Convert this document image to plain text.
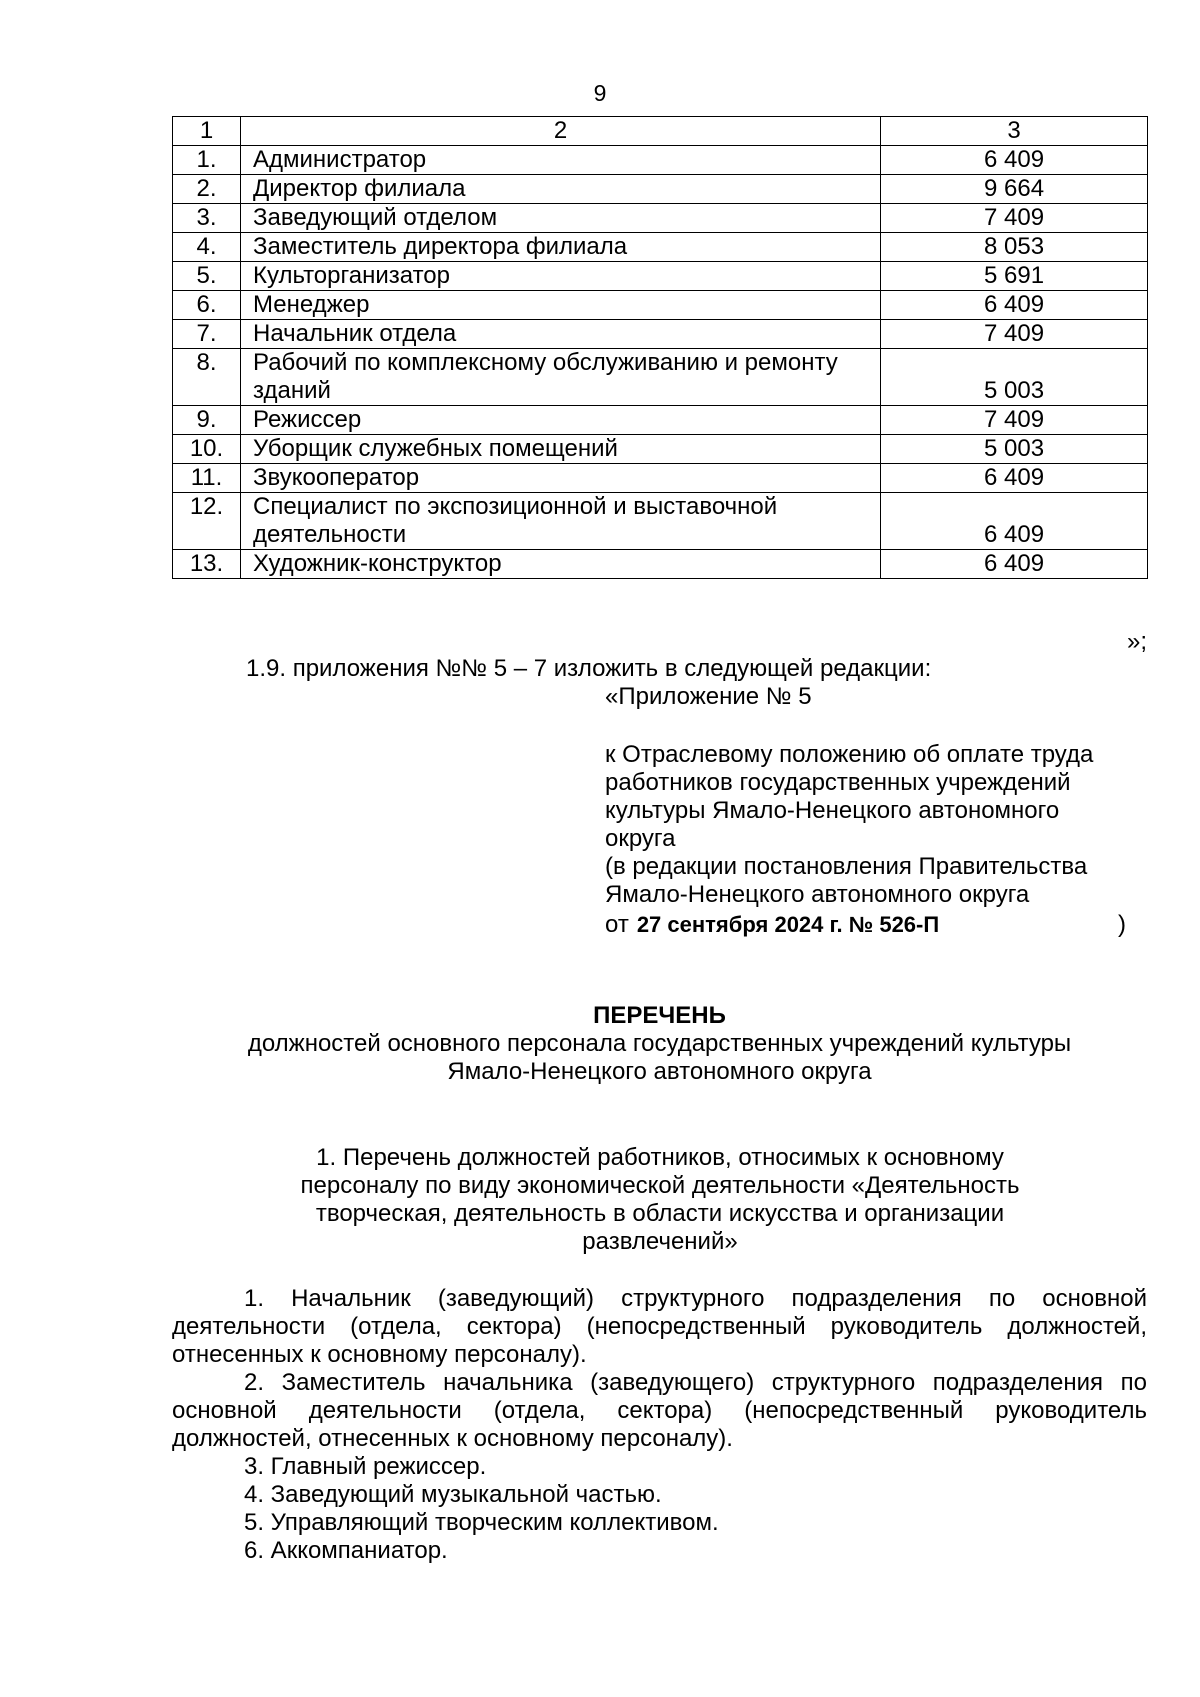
9
1	2	3
1.	Администратор	6 409
2.	Директор филиала	9 664
3.	Заведующий отделом	7 409
4.	Заместитель директора филиала	8 053
5.	Культорганизатор	5 691
6.	Менеджер	6 409
7.	Начальник отдела	7 409
8.	Рабочий по комплексному обслуживанию и ремонту зданий	5 003
9.	Режиссер	7 409
10.	Уборщик служебных помещений	5 003
11.	Звукооператор	6 409
12.	Специалист по экспозиционной и выставочной деятельности	6 409
13.	Художник-конструктор	6 409
»;
1.9. приложения №№ 5 – 7 изложить в следующей редакции:
«Приложение № 5
к Отраслевому положению об оплате труда
работников государственных учреждений
культуры Ямало-Ненецкого автономного
округа
(в редакции постановления Правительства
Ямало-Ненецкого автономного округа
от 27 сентября 2024 г. № 526-П	)
ПЕРЕЧЕНЬ
должностей основного персонала государственных учреждений культуры
Ямало-Ненецкого автономного округа
1. Перечень должностей работников, относимых к основному
персоналу по виду экономической деятельности «Деятельность
творческая, деятельность в области искусства и организации
развлечений»

1. Начальник (заведующий) структурного подразделения по основной деятельности (отдела, сектора) (непосредственный руководитель должностей, отнесенных к основному персоналу).

2. Заместитель начальника (заведующего) структурного подразделения по основной деятельности (отдела, сектора) (непосредственный руководитель должностей, отнесенных к основному персоналу).

3. Главный режиссер.

4. Заведующий музыкальной частью.

5. Управляющий творческим коллективом.

6. Аккомпаниатор.
